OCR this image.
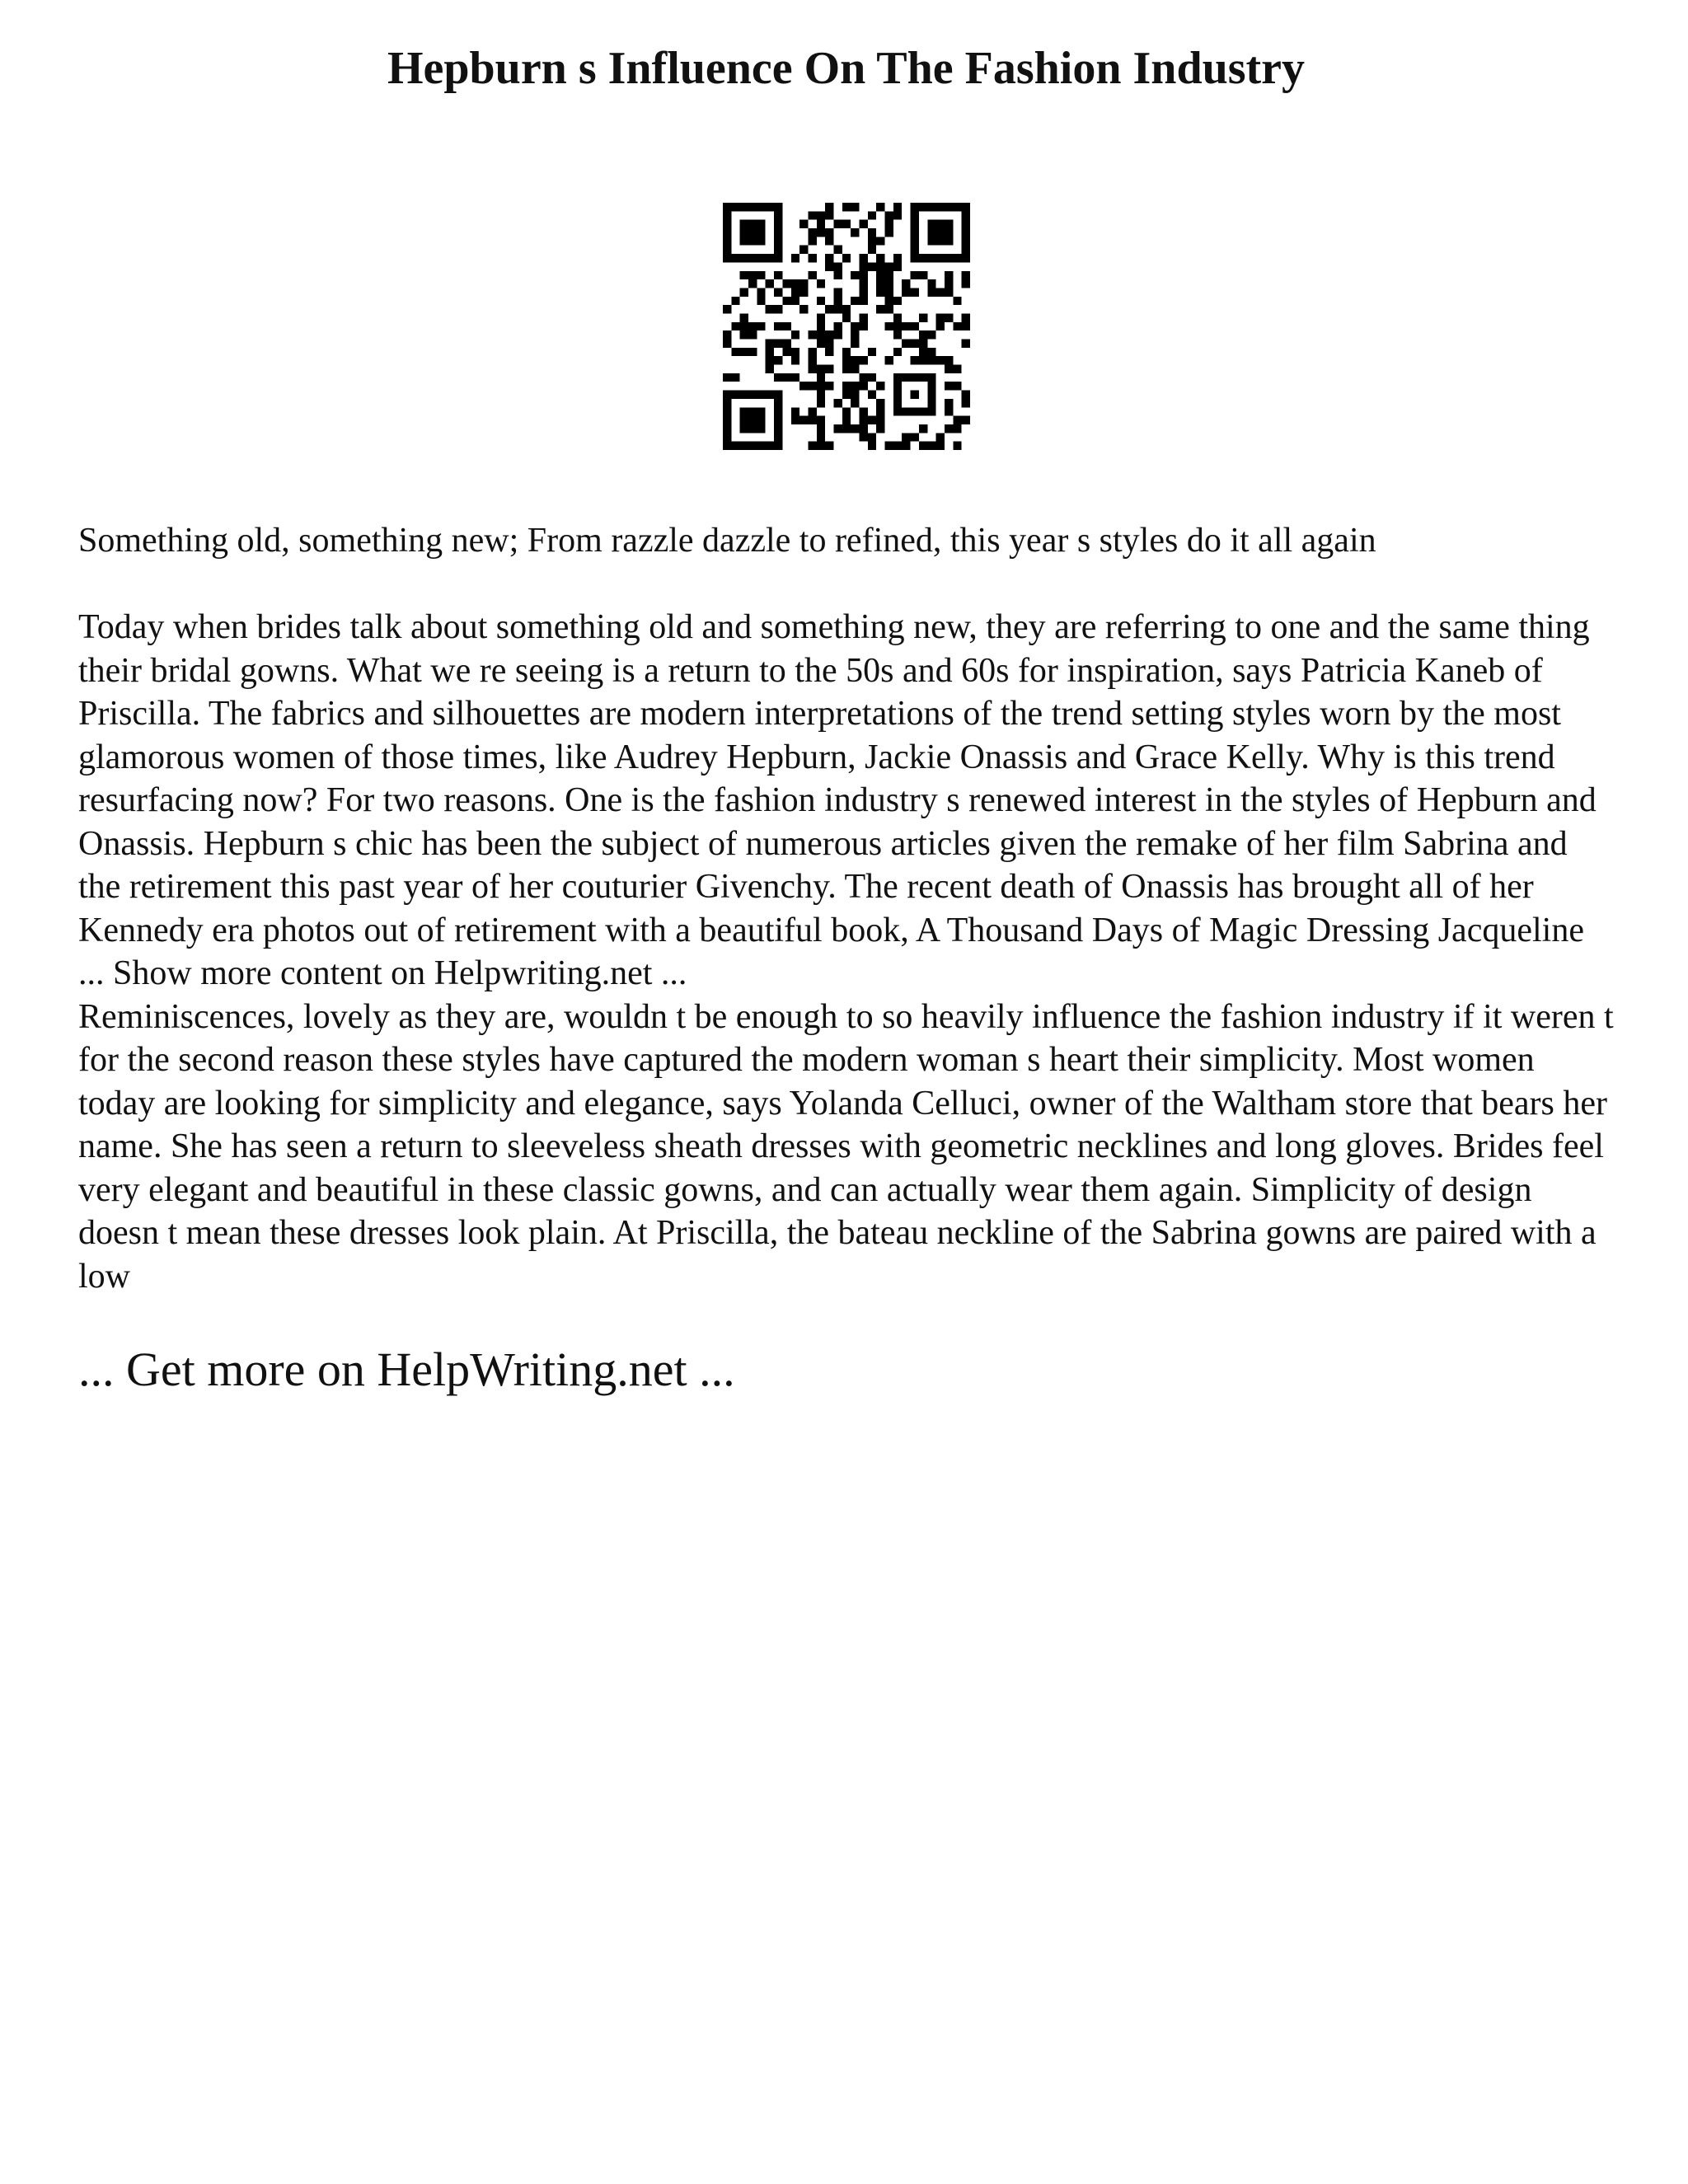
Hepburn s Influence On The Fashion Industry

Something old, something new; From razzle dazzle to refined, this year s styles do it all again

Today when brides talk about something old and something new, they are referring to one and the same thing their bridal gowns. What we re seeing is a return to the 50s and 60s for inspiration, says Patricia Kaneb of Priscilla. The fabrics and silhouettes are modern interpretations of the trend setting styles worn by the most glamorous women of those times, like Audrey Hepburn, Jackie Onassis and Grace Kelly. Why is this trend resurfacing now? For two reasons. One is the fashion industry s renewed interest in the styles of Hepburn and Onassis. Hepburn s chic has been the subject of numerous articles given the remake of her film Sabrina and the retirement this past year of her couturier Givenchy. The recent death of Onassis has brought all of her Kennedy era photos out of retirement with a beautiful book, A Thousand Days of Magic Dressing Jacqueline ... Show more content on Helpwriting.net ...

Reminiscences, lovely as they are, wouldn t be enough to so heavily influence the fashion industry if it weren t for the second reason these styles have captured the modern woman s heart their simplicity. Most women today are looking for simplicity and elegance, says Yolanda Celluci, owner of the Waltham store that bears her name. She has seen a return to sleeveless sheath dresses with geometric necklines and long gloves. Brides feel very elegant and beautiful in these classic gowns, and can actually wear them again. Simplicity of design doesn t mean these dresses look plain. At Priscilla, the bateau neckline of the Sabrina gowns are paired with a low

... Get more on HelpWriting.net ...
